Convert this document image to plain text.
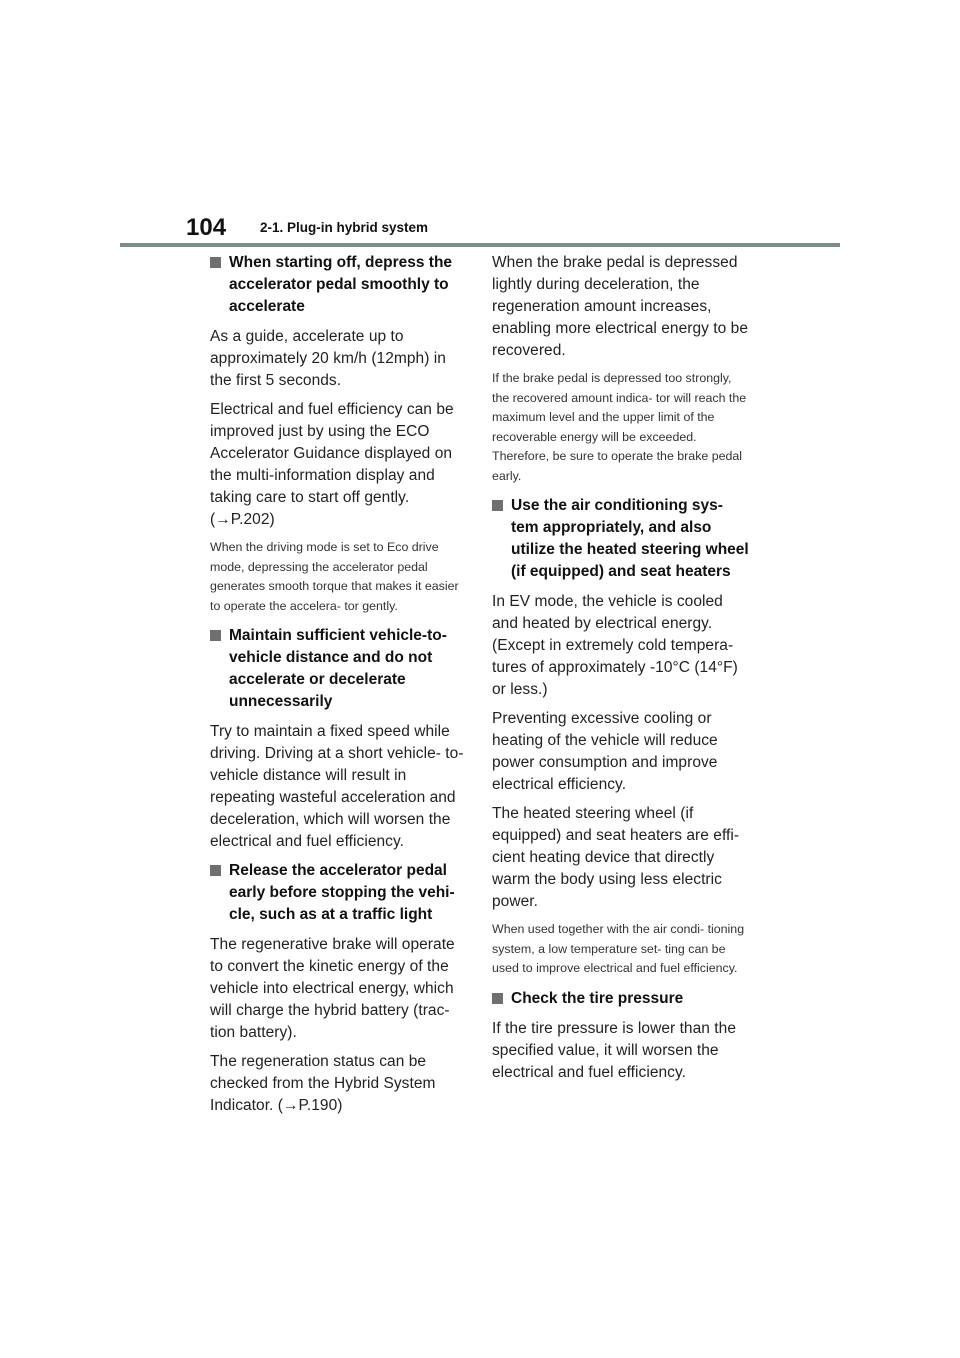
104	2-1. Plug-in hybrid system

When starting off, depress the accelerator pedal smoothly to accelerate

As a guide, accelerate up to approximately 20 km/h (12mph) in the first 5 seconds.

Electrical and fuel efficiency can be improved just by using the ECO Accelerator Guidance displayed on the multi-information display and taking care to start off gently. (→P.202)

When the driving mode is set to Eco drive mode, depressing the accelerator pedal generates smooth torque that makes it easier to operate the accelera- tor gently.

Maintain sufficient vehicle-to- vehicle distance and do not accelerate or decelerate unnecessarily

Try to maintain a fixed speed while driving. Driving at a short vehicle- to-vehicle distance will result in repeating wasteful acceleration and deceleration, which will worsen the electrical and fuel efficiency.

Release the accelerator pedal early before stopping the vehi- cle, such as at a traffic light

The regenerative brake will operate to convert the kinetic energy of the vehicle into electrical energy, which will charge the hybrid battery (trac- tion battery).

The regeneration status can be checked from the Hybrid System Indicator. (→P.190)

When the brake pedal is depressed lightly during deceleration, the regeneration amount increases, enabling more electrical energy to be recovered.

If the brake pedal is depressed too strongly, the recovered amount indica- tor will reach the maximum level and the upper limit of the recoverable energy will be exceeded. Therefore, be sure to operate the brake pedal early.

Use the air conditioning sys- tem appropriately, and also utilize the heated steering wheel (if equipped) and seat heaters

In EV mode, the vehicle is cooled and heated by electrical energy. (Except in extremely cold tempera- tures of approximately -10°C (14°F) or less.)

Preventing excessive cooling or heating of the vehicle will reduce power consumption and improve electrical efficiency.

The heated steering wheel (if equipped) and seat heaters are effi- cient heating device that directly warm the body using less electric power.

When used together with the air condi- tioning system, a low temperature set- ting can be used to improve electrical and fuel efficiency.

Check the tire pressure

If the tire pressure is lower than the specified value, it will worsen the electrical and fuel efficiency.
